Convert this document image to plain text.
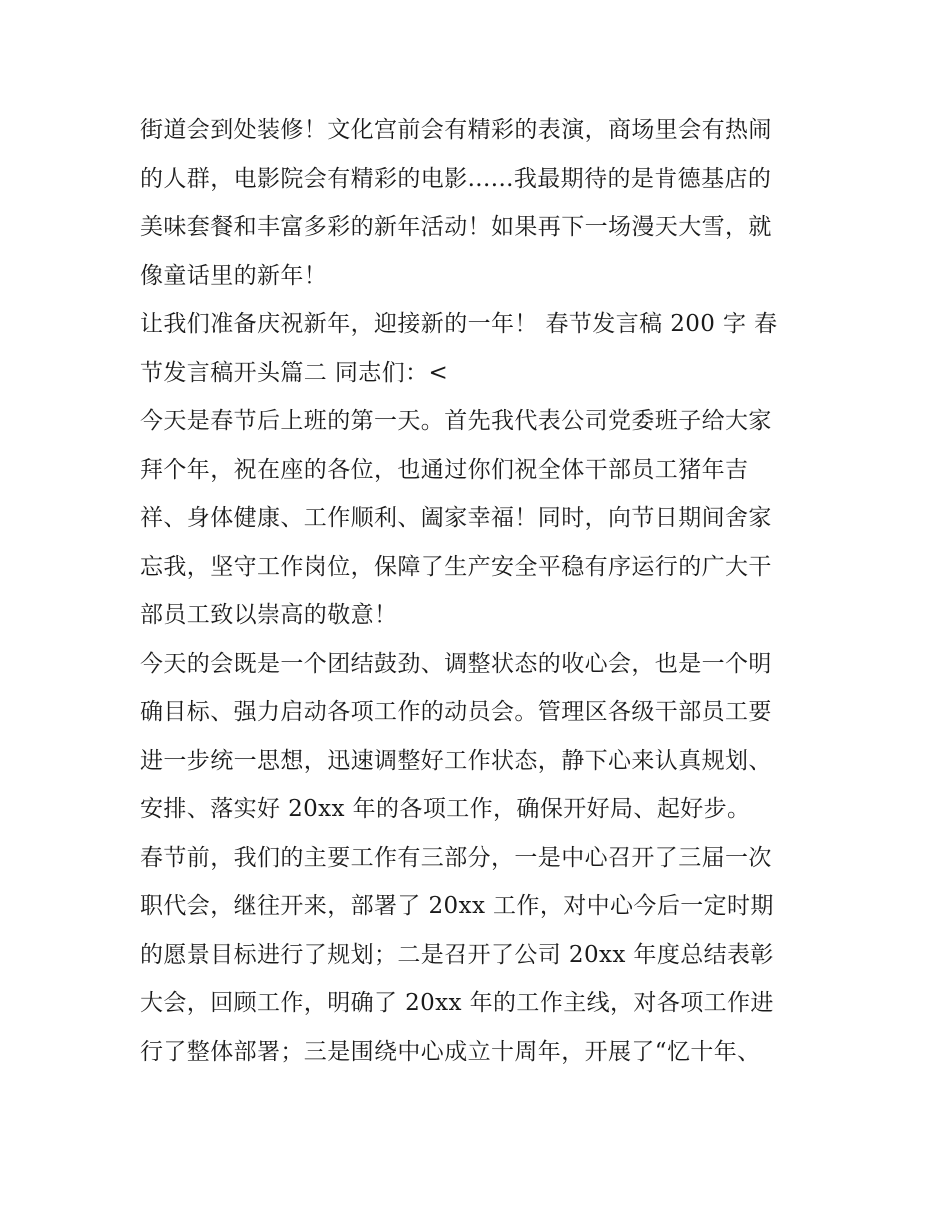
街道会到处装修！文化宫前会有精彩的表演，商场里会有热闹
的人群，电影院会有精彩的电影......我最期待的是肯德基店的
美味套餐和丰富多彩的新年活动！如果再下一场漫天大雪，就
像童话里的新年！
让我们准备庆祝新年，迎接新的一年！ 春节发言稿 200 字 春
节发言稿开头篇二 同志们：<
今天是春节后上班的第一天。首先我代表公司党委班子给大家
拜个年，祝在座的各位，也通过你们祝全体干部员工猪年吉
祥、身体健康、工作顺利、阖家幸福！同时，向节日期间舍家
忘我，坚守工作岗位，保障了生产安全平稳有序运行的广大干
部员工致以崇高的敬意！
今天的会既是一个团结鼓劲、调整状态的收心会，也是一个明
确目标、强力启动各项工作的动员会。管理区各级干部员工要
进一步统一思想，迅速调整好工作状态，静下心来认真规划、
安排、落实好 20xx 年的各项工作，确保开好局、起好步。
春节前，我们的主要工作有三部分，一是中心召开了三届一次
职代会，继往开来，部署了 20xx 工作，对中心今后一定时期
的愿景目标进行了规划；二是召开了公司 20xx 年度总结表彰
大会，回顾工作，明确了 20xx 年的工作主线，对各项工作进
行了整体部署；三是围绕中心成立十周年，开展了“忆十年、
